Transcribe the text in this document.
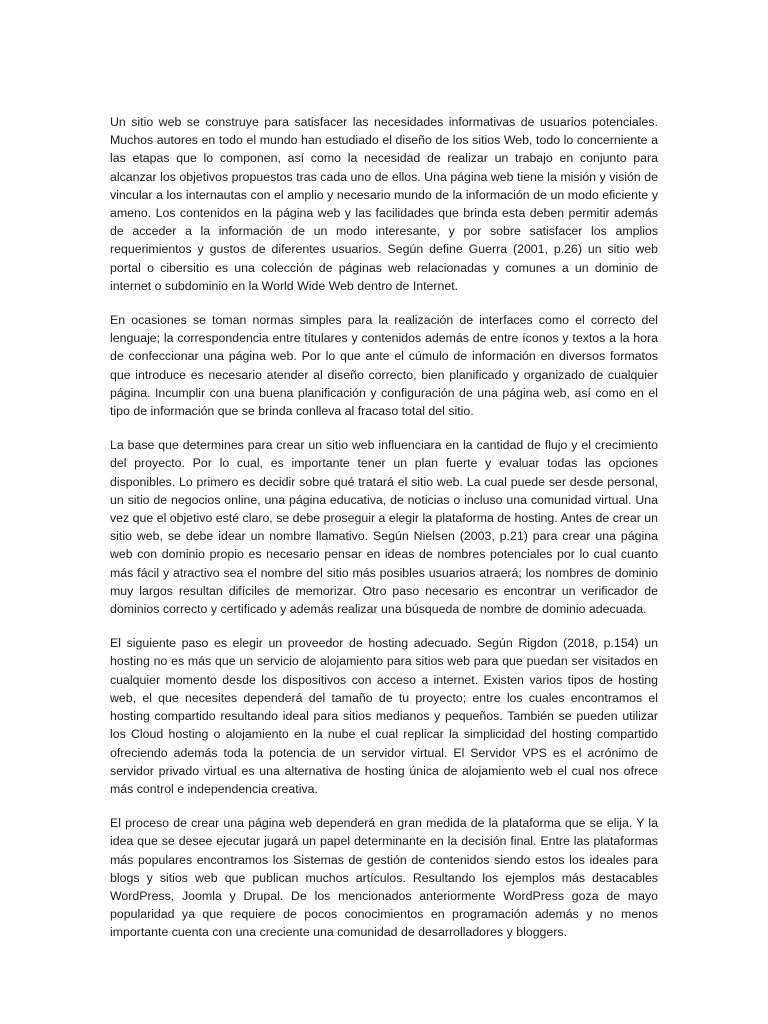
Un sitio web se construye para satisfacer las necesidades informativas de usuarios potenciales. Muchos autores en todo el mundo han estudiado el diseño de los sitios Web, todo lo concerniente a las etapas que lo componen, así como la necesidad de realizar un trabajo en conjunto para alcanzar los objetivos propuestos tras cada uno de ellos. Una página web tiene la misión y visión de vincular a los internautas con el amplio y necesario mundo de la información de un modo eficiente y ameno. Los contenidos en la página web y las facilidades que brinda esta deben permitir además de acceder a la información de un modo interesante, y por sobre satisfacer los amplios requerimientos y gustos de diferentes usuarios. Según define Guerra (2001, p.26) un sitio web portal o cibersitio es una colección de páginas web relacionadas y comunes a un dominio de internet o subdominio en la World Wide Web dentro de Internet.

En ocasiones se toman normas simples para la realización de interfaces como el correcto del lenguaje; la correspondencia entre titulares y contenidos además de entre íconos y textos a la hora de confeccionar una página web. Por lo que ante el cúmulo de información en diversos formatos que introduce es necesario atender al diseño correcto, bien planificado y organizado de cualquier página. Incumplir con una buena planificación y configuración de una página web, así como en el tipo de información que se brinda conlleva al fracaso total del sitio.

La base que determines para crear un sitio web influenciara en la cantidad de flujo y el crecimiento del proyecto. Por lo cual, es importante tener un plan fuerte y evaluar todas las opciones disponibles. Lo primero es decidir sobre qué tratará el sitio web. La cual puede ser desde personal, un sitio de negocios online, una página educativa, de noticias o incluso una comunidad virtual. Una vez que el objetivo esté claro, se debe proseguir a elegir la plataforma de hosting. Antes de crear un sitio web, se debe idear un nombre llamativo. Según Nielsen (2003, p.21) para crear una página web con dominio propio es necesario pensar en ideas de nombres potenciales por lo cual cuanto más fácil y atractivo sea el nombre del sitio más posibles usuarios atraerá; los nombres de dominio muy largos resultan difíciles de memorizar. Otro paso necesario es encontrar un verificador de dominios correcto y certificado y además realizar una búsqueda de nombre de dominio adecuada.

El siguiente paso es elegir un proveedor de hosting adecuado. Según Rigdon (2018, p.154) un hosting no es más que un servicio de alojamiento para sitios web para que puedan ser visitados en cualquier momento desde los dispositivos con acceso a internet. Existen varios tipos de hosting web, el que necesites dependerá del tamaño de tu proyecto; entre los cuales encontramos el hosting compartido resultando ideal para sitios medianos y pequeños. También se pueden utilizar los Cloud hosting o alojamiento en la nube el cual replicar la simplicidad del hosting compartido ofreciendo además toda la potencia de un servidor virtual. El Servidor VPS es el acrónimo de servidor privado virtual es una alternativa de hosting única de alojamiento web el cual nos ofrece más control e independencia creativa.

El proceso de crear una página web dependerá en gran medida de la plataforma que se elija. Y la idea que se desee ejecutar jugará un papel determinante en la decisión final. Entre las plataformas más populares encontramos los Sistemas de gestión de contenidos siendo estos los ideales para blogs y sitios web que publican muchos artículos. Resultando los ejemplos más destacables WordPress, Joomla y Drupal. De los mencionados anteriormente WordPress goza de mayo popularidad ya que requiere de pocos conocimientos en programación además y no menos importante cuenta con una creciente una comunidad de desarrolladores y bloggers.
